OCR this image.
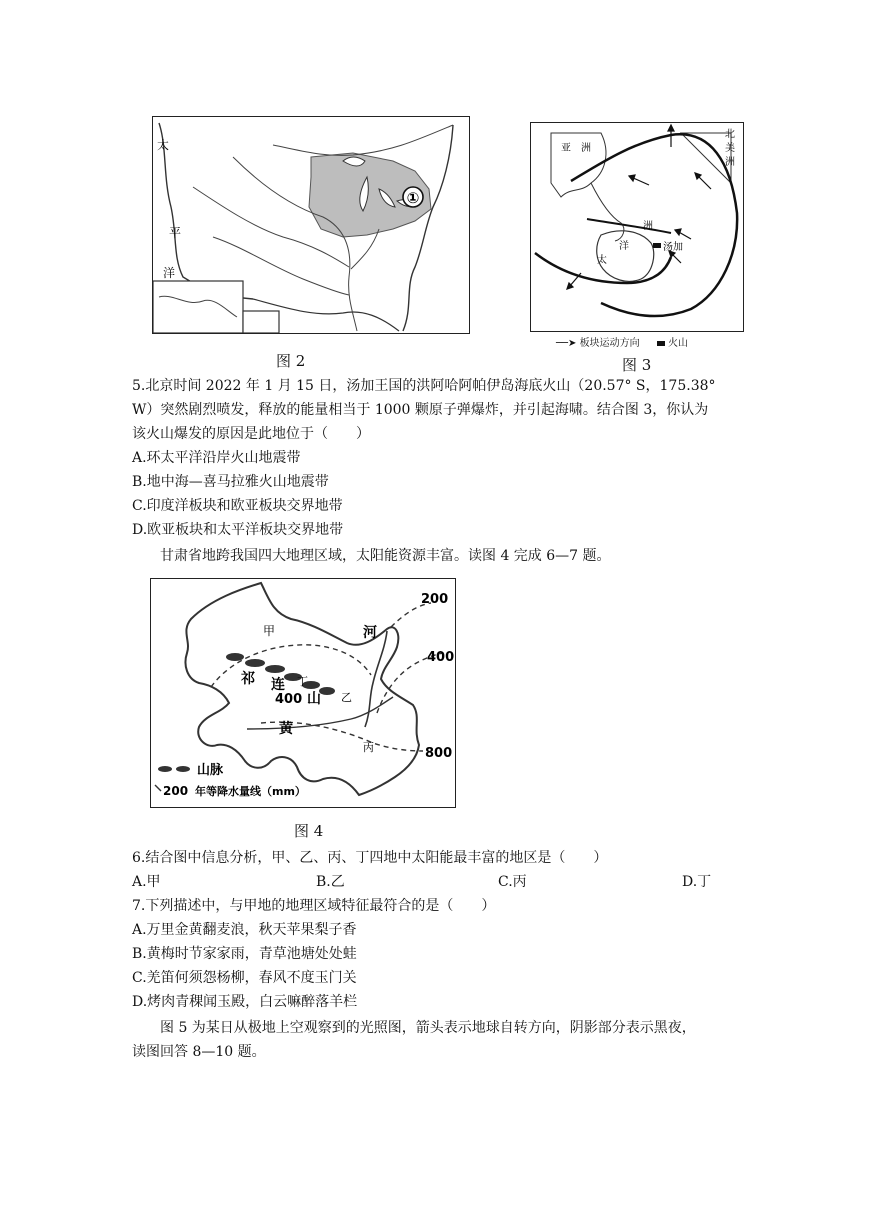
①
太
平
洋
图 2
亚　洲
北
美
洲
洲
洋
太
汤加
──➤ 板块运动方向	火山
图 3
5.北京时间 2022 年 1 月 15 日，汤加王国的洪阿哈阿帕伊岛海底火山（20.57° S，175.38°
W）突然剧烈喷发，释放的能量相当于 1000 颗原子弹爆炸，并引起海啸。结合图 3，你认为
该火山爆发的原因是此地位于（　　）
A.环太平洋沿岸火山地震带
B.地中海—喜马拉雅火山地震带
C.印度洋板块和欧亚板块交界地带
D.欧亚板块和太平洋板块交界地带
甘肃省地跨我国四大地理区域，太阳能资源丰富。读图 4 完成 6—7 题。
200
400
800
甲	河
祁 连 丁
400 山 乙
黄
丙
山脉
200 年等降水量线（mm）
图 4
6.结合图中信息分析，甲、乙、丙、丁四地中太阳能最丰富的地区是（　　）
A.甲	B.乙	C.丙	D.丁
7.下列描述中，与甲地的地理区域特征最符合的是（　　）
A.万里金黄翻麦浪，秋天苹果梨子香
B.黄梅时节家家雨，青草池塘处处蛙
C.羌笛何须怨杨柳，春风不度玉门关
D.烤肉青稞闻玉殿，白云嘛醉落羊栏
图 5 为某日从极地上空观察到的光照图，箭头表示地球自转方向，阴影部分表示黑夜，
读图回答 8—10 题。
